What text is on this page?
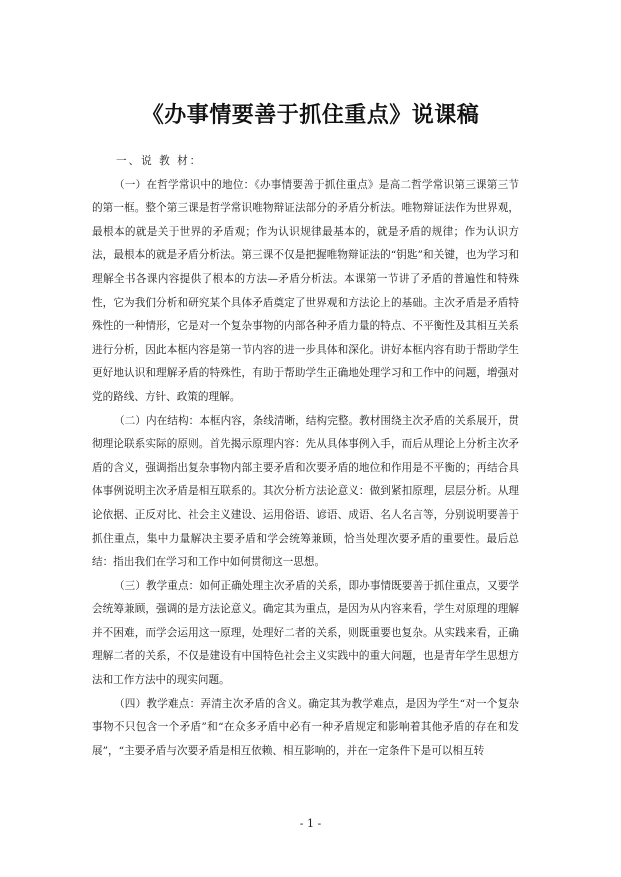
《办事情要善于抓住重点》说课稿

一、说 教 材：

（一）在哲学常识中的地位：《办事情要善于抓住重点》是高二哲学常识第三课第三节的第一框。整个第三课是哲学常识唯物辩证法部分的矛盾分析法。唯物辩证法作为世界观，最根本的就是关于世界的矛盾观；作为认识规律最基本的，就是矛盾的规律；作为认识方法，最根本的就是矛盾分析法。第三课不仅是把握唯物辩证法的“钥匙”和关键，也为学习和理解全书各课内容提供了根本的方法—矛盾分析法。本课第一节讲了矛盾的普遍性和特殊性，它为我们分析和研究某个具体矛盾奠定了世界观和方法论上的基础。主次矛盾是矛盾特殊性的一种情形，它是对一个复杂事物的内部各种矛盾力量的特点、不平衡性及其相互关系进行分析，因此本框内容是第一节内容的进一步具体和深化。讲好本框内容有助于帮助学生更好地认识和理解矛盾的特殊性，有助于帮助学生正确地处理学习和工作中的问题，增强对党的路线、方针、政策的理解。

（二）内在结构：本框内容，条线清晰，结构完整。教材围绕主次矛盾的关系展开，贯彻理论联系实际的原则。首先揭示原理内容：先从具体事例入手，而后从理论上分析主次矛盾的含义，强调指出复杂事物内部主要矛盾和次要矛盾的地位和作用是不平衡的；再结合具体事例说明主次矛盾是相互联系的。其次分析方法论意义：做到紧扣原理，层层分析。从理论依据、正反对比、社会主义建设、运用俗语、谚语、成语、名人名言等，分别说明要善于抓住重点，集中力量解决主要矛盾和学会统筹兼顾，恰当处理次要矛盾的重要性。最后总结：指出我们在学习和工作中如何贯彻这一思想。

（三）教学重点：如何正确处理主次矛盾的关系，即办事情既要善于抓住重点，又要学会统筹兼顾，强调的是方法论意义。确定其为重点，是因为从内容来看，学生对原理的理解并不困难，而学会运用这一原理，处理好二者的关系，则既重要也复杂。从实践来看，正确理解二者的关系，不仅是建设有中国特色社会主义实践中的重大问题，也是青年学生思想方法和工作方法中的现实问题。

（四）教学难点：弄清主次矛盾的含义。确定其为教学难点，是因为学生“对一个复杂事物不只包含一个矛盾”和“在众多矛盾中必有一种矛盾规定和影响着其他矛盾的存在和发展”，“主要矛盾与次要矛盾是相互依赖、相互影响的，并在一定条件下是可以相互转

- 1 -
